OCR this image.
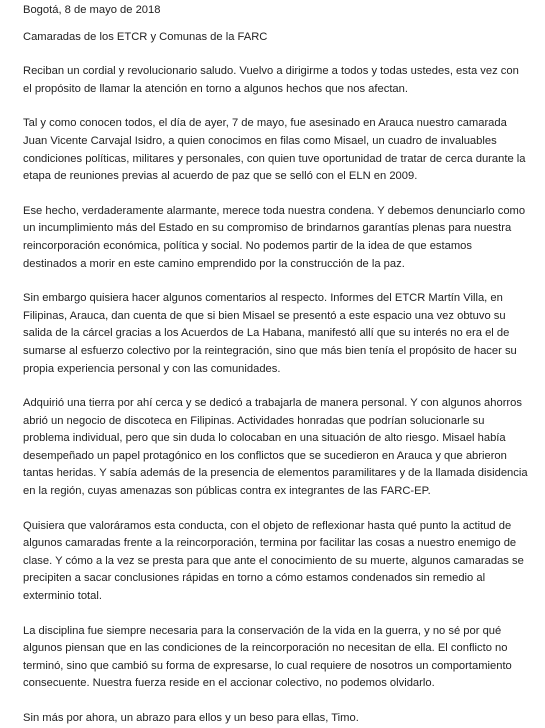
Bogotá, 8 de mayo de 2018
Camaradas de los ETCR y Comunas de la FARC

Reciban un cordial y revolucionario saludo. Vuelvo a dirigirme a todos y todas ustedes, esta vez con el propósito de llamar la atención en torno a algunos hechos que nos afectan.

Tal y como conocen todos, el día de ayer, 7 de mayo, fue asesinado en Arauca nuestro camarada Juan Vicente Carvajal Isidro, a quien conocimos en filas como Misael, un cuadro de invaluables condiciones políticas, militares y personales, con quien tuve oportunidad de tratar de cerca durante la etapa de reuniones previas al acuerdo de paz que se selló con el ELN en 2009.

Ese hecho, verdaderamente alarmante, merece toda nuestra condena. Y debemos denunciarlo como un incumplimiento más del Estado en su compromiso de brindarnos garantías plenas para nuestra reincorporación económica, política y social. No podemos partir de la idea de que estamos destinados a morir en este camino emprendido por la construcción de la paz.

Sin embargo quisiera hacer algunos comentarios al respecto. Informes del ETCR Martín Villa, en Filipinas, Arauca, dan cuenta de que si bien Misael se presentó a este espacio una vez obtuvo su salida de la cárcel gracias a los Acuerdos de La Habana, manifestó allí que su interés no era el de sumarse al esfuerzo colectivo por la reintegración, sino que más bien tenía el propósito de hacer su propia experiencia personal y con las comunidades.

Adquirió una tierra por ahí cerca y se dedicó a trabajarla de manera personal. Y con algunos ahorros abrió un negocio de discoteca en Filipinas. Actividades honradas que podrían solucionarle su problema individual, pero que sin duda lo colocaban en una situación de alto riesgo. Misael había desempeñado un papel protagónico en los conflictos que se sucedieron en Arauca y que abrieron tantas heridas. Y sabía además de la presencia de elementos paramilitares y de la llamada disidencia en la región, cuyas amenazas son públicas contra ex integrantes de las FARC-EP.

Quisiera que valoráramos esta conducta, con el objeto de reflexionar hasta qué punto la actitud de algunos camaradas frente a la reincorporación, termina por facilitar las cosas a nuestro enemigo de clase. Y cómo a la vez se presta para que ante el conocimiento de su muerte, algunos camaradas se precipiten a sacar conclusiones rápidas en torno a cómo estamos condenados sin remedio al exterminio total.

La disciplina fue siempre necesaria para la conservación de la vida en la guerra, y no sé por qué algunos piensan que en las condiciones de la reincorporación no necesitan de ella. El conflicto no terminó, sino que cambió su forma de expresarse, lo cual requiere de nosotros un comportamiento consecuente. Nuestra fuerza reside en el accionar colectivo, no podemos olvidarlo.

Sin más por ahora, un abrazo para ellos y un beso para ellas, Timo.
